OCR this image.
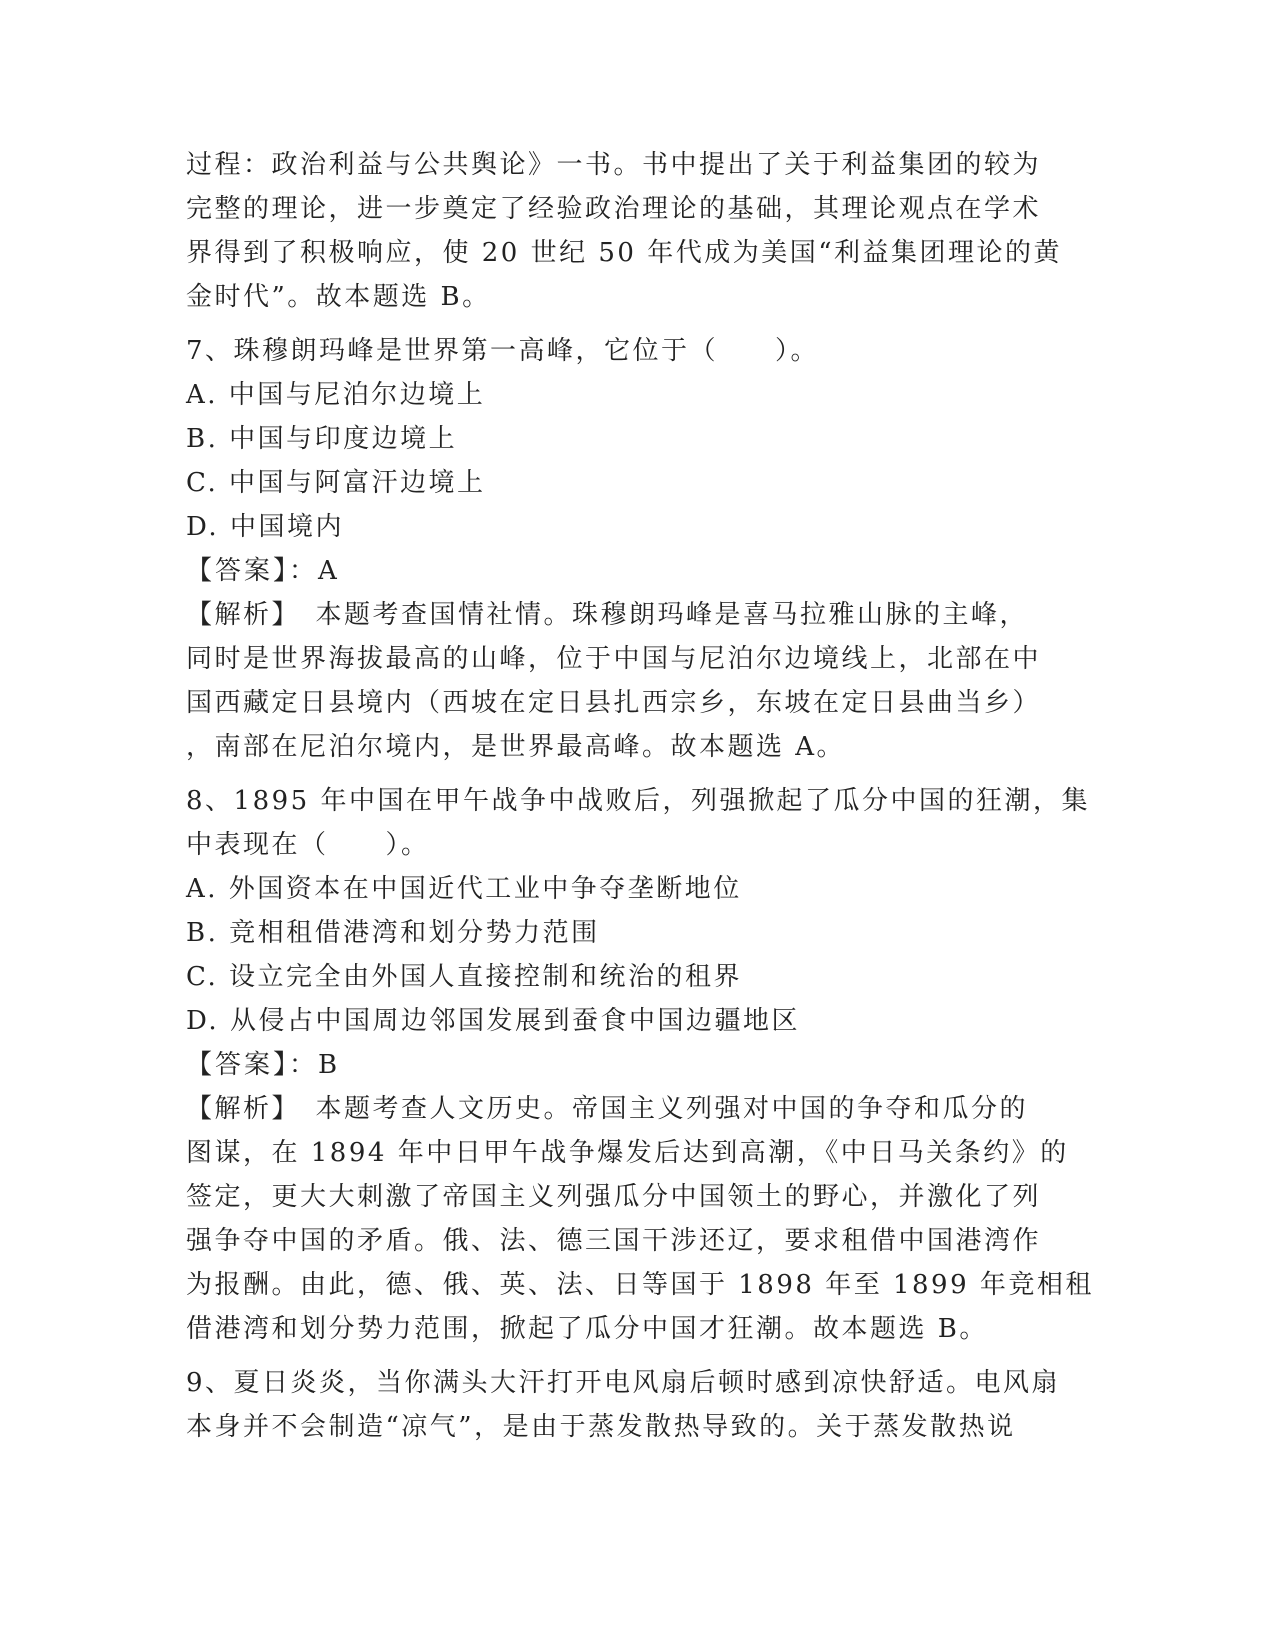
过程：政治利益与公共舆论》一书。书中提出了关于利益集团的较为
完整的理论，进一步奠定了经验政治理论的基础，其理论观点在学术
界得到了积极响应，使 20 世纪 50 年代成为美国“利益集团理论的黄
金时代”。故本题选 B。
7、珠穆朗玛峰是世界第一高峰，它位于（　　）。
A. 中国与尼泊尔边境上
B. 中国与印度边境上
C. 中国与阿富汗边境上
D. 中国境内
【答案】：A
【解析】　本题考查国情社情。珠穆朗玛峰是喜马拉雅山脉的主峰，
同时是世界海拔最高的山峰，位于中国与尼泊尔边境线上，北部在中
国西藏定日县境内（西坡在定日县扎西宗乡，东坡在定日县曲当乡）
，南部在尼泊尔境内，是世界最高峰。故本题选 A。
8、1895 年中国在甲午战争中战败后，列强掀起了瓜分中国的狂潮，集
中表现在（　　）。
A. 外国资本在中国近代工业中争夺垄断地位
B. 竞相租借港湾和划分势力范围
C. 设立完全由外国人直接控制和统治的租界
D. 从侵占中国周边邻国发展到蚕食中国边疆地区
【答案】：B
【解析】　本题考查人文历史。帝国主义列强对中国的争夺和瓜分的
图谋，在 1894 年中日甲午战争爆发后达到高潮，《中日马关条约》的
签定，更大大刺激了帝国主义列强瓜分中国领土的野心，并激化了列
强争夺中国的矛盾。俄、法、德三国干涉还辽，要求租借中国港湾作
为报酬。由此，德、俄、英、法、日等国于 1898 年至 1899 年竞相租
借港湾和划分势力范围，掀起了瓜分中国才狂潮。故本题选 B。
9、夏日炎炎，当你满头大汗打开电风扇后顿时感到凉快舒适。电风扇
本身并不会制造“凉气”，是由于蒸发散热导致的。关于蒸发散热说
